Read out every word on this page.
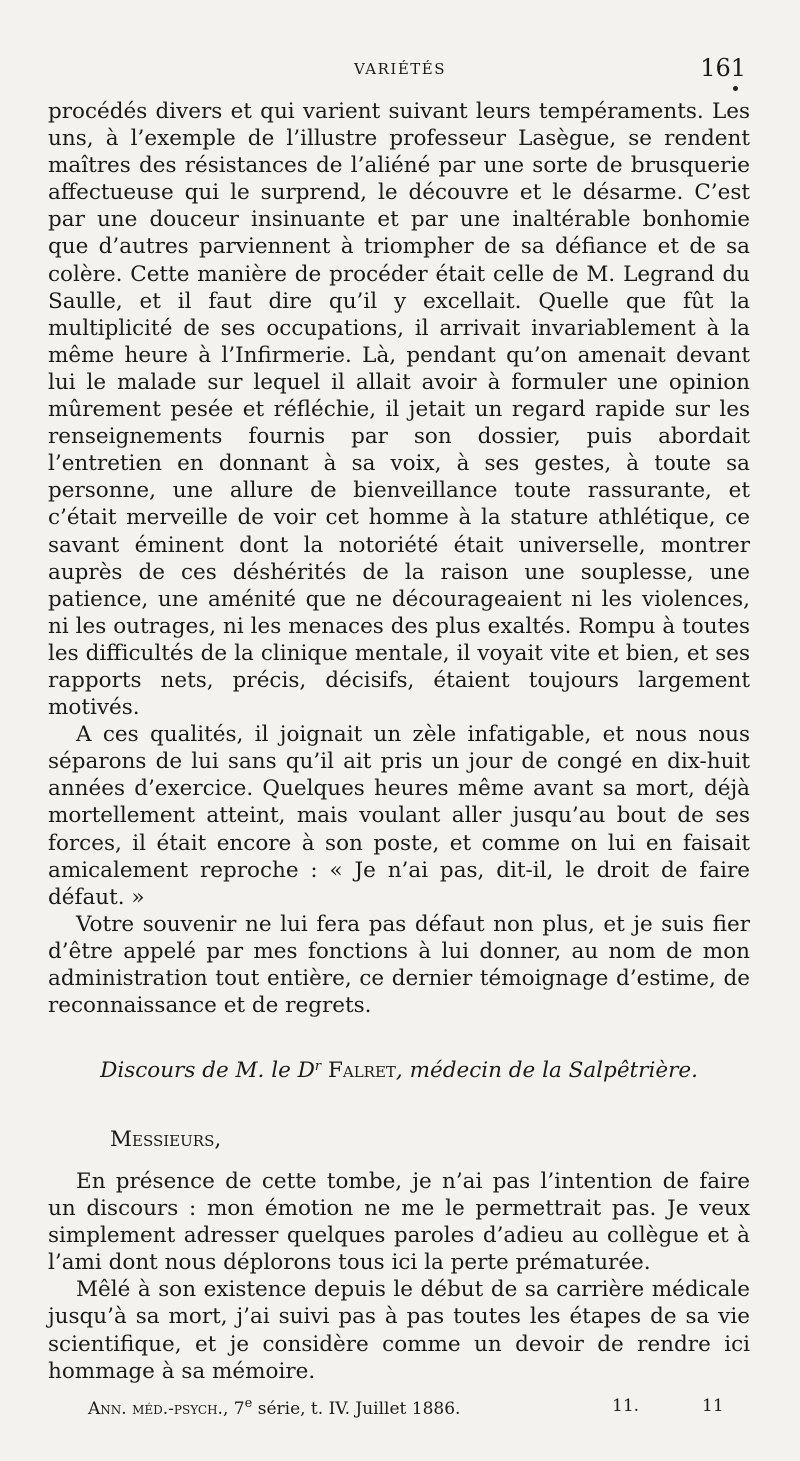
VARIÉTÉS	161

procédés divers et qui varient suivant leurs tempéraments. Les uns, à l’exemple de l’illustre professeur Lasègue, se rendent maîtres des résistances de l’aliéné par une sorte de brusquerie affectueuse qui le surprend, le découvre et le désarme. C’est par une douceur insinuante et par une inaltérable bonhomie que d’autres parviennent à triompher de sa défiance et de sa colère. Cette manière de procéder était celle de M. Legrand du Saulle, et il faut dire qu’il y excellait. Quelle que fût la multiplicité de ses occupations, il arrivait invariablement à la même heure à l’Infirmerie. Là, pendant qu’on amenait devant lui le malade sur lequel il allait avoir à formuler une opinion mûrement pesée et réfléchie, il jetait un regard rapide sur les renseignements fournis par son dossier, puis abordait l’entretien en donnant à sa voix, à ses gestes, à toute sa personne, une allure de bienveillance toute rassurante, et c’était merveille de voir cet homme à la stature athlétique, ce savant éminent dont la notoriété était universelle, montrer auprès de ces déshérités de la raison une souplesse, une patience, une aménité que ne décourageaient ni les violences, ni les outrages, ni les menaces des plus exaltés. Rompu à toutes les difficultés de la clinique mentale, il voyait vite et bien, et ses rapports nets, précis, décisifs, étaient toujours largement motivés.

A ces qualités, il joignait un zèle infatigable, et nous nous séparons de lui sans qu’il ait pris un jour de congé en dix-huit années d’exercice. Quelques heures même avant sa mort, déjà mortellement atteint, mais voulant aller jusqu’au bout de ses forces, il était encore à son poste, et comme on lui en faisait amicalement reproche : « Je n’ai pas, dit-il, le droit de faire défaut. »

Votre souvenir ne lui fera pas défaut non plus, et je suis fier d’être appelé par mes fonctions à lui donner, au nom de mon administration tout entière, ce dernier témoignage d’estime, de reconnaissance et de regrets.

Discours de M. le $D^r$ Falret, médecin de la Salpêtrière.
Messieurs,

En présence de cette tombe, je n’ai pas l’intention de faire un discours : mon émotion ne me le permettrait pas. Je veux simplement adresser quelques paroles d’adieu au collègue et à l’ami dont nous déplorons tous ici la perte prématurée.

Mêlé à son existence depuis le début de sa carrière médicale jusqu’à sa mort, j’ai suivi pas à pas toutes les étapes de sa vie scientifique, et je considère comme un devoir de rendre ici hommage à sa mémoire.

Ann. méd.-psych., 7e série, t. IV. Juillet 1886.	11.	11
